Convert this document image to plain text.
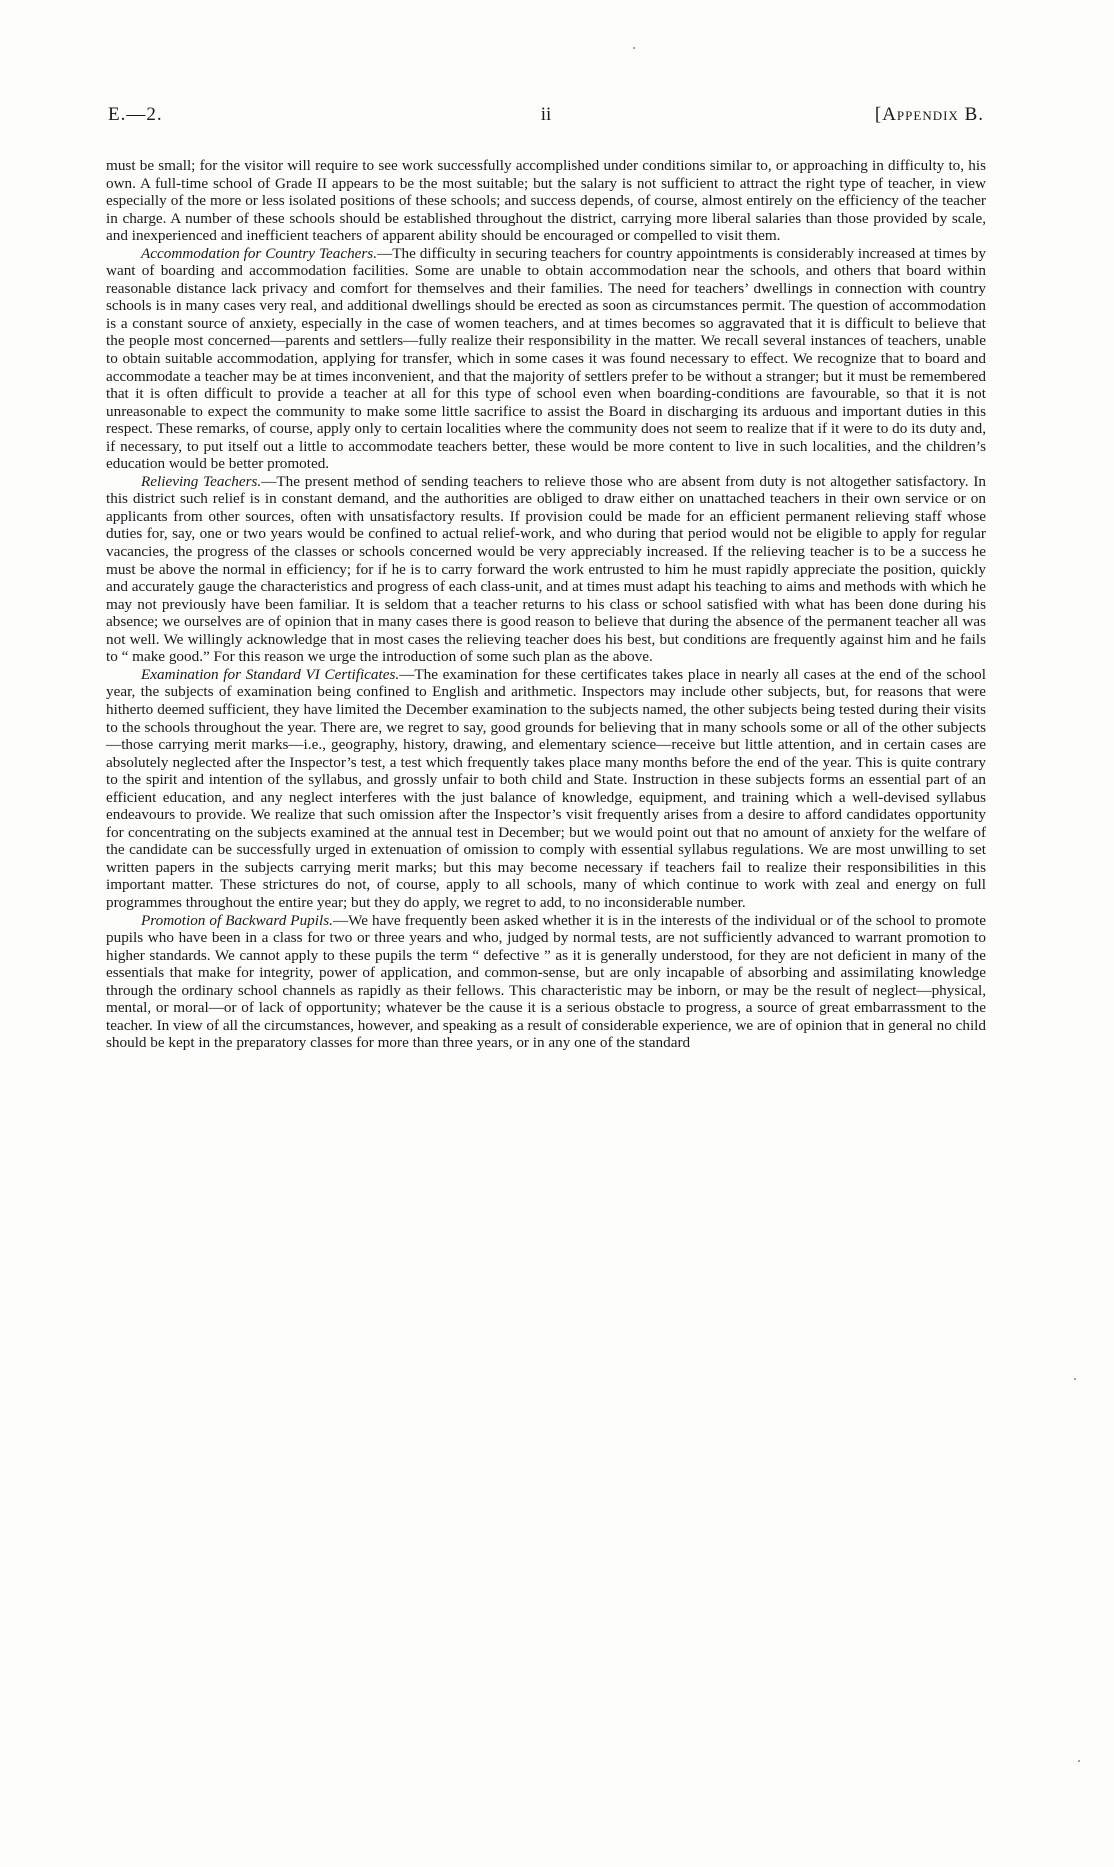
E.—2.	ii	[Appendix B.

must be small; for the visitor will require to see work successfully accomplished under conditions similar to, or approaching in difficulty to, his own. A full-time school of Grade II appears to be the most suitable; but the salary is not sufficient to attract the right type of teacher, in view especially of the more or less isolated positions of these schools; and success depends, of course, almost entirely on the efficiency of the teacher in charge. A number of these schools should be established throughout the district, carrying more liberal salaries than those provided by scale, and inexperienced and inefficient teachers of apparent ability should be encouraged or compelled to visit them.

Accommodation for Country Teachers.—The difficulty in securing teachers for country appointments is considerably increased at times by want of boarding and accommodation facilities. Some are unable to obtain accommodation near the schools, and others that board within reasonable distance lack privacy and comfort for themselves and their families. The need for teachers’ dwellings in connection with country schools is in many cases very real, and additional dwellings should be erected as soon as circumstances permit. The question of accommodation is a constant source of anxiety, especially in the case of women teachers, and at times becomes so aggravated that it is difficult to believe that the people most concerned—parents and settlers—fully realize their responsibility in the matter. We recall several instances of teachers, unable to obtain suitable accommodation, applying for transfer, which in some cases it was found necessary to effect. We recognize that to board and accommodate a teacher may be at times inconvenient, and that the majority of settlers prefer to be without a stranger; but it must be remembered that it is often difficult to provide a teacher at all for this type of school even when boarding-conditions are favourable, so that it is not unreasonable to expect the community to make some little sacrifice to assist the Board in discharging its arduous and important duties in this respect. These remarks, of course, apply only to certain localities where the community does not seem to realize that if it were to do its duty and, if necessary, to put itself out a little to accommodate teachers better, these would be more content to live in such localities, and the children’s education would be better promoted.

Relieving Teachers.—The present method of sending teachers to relieve those who are absent from duty is not altogether satisfactory. In this district such relief is in constant demand, and the authorities are obliged to draw either on unattached teachers in their own service or on applicants from other sources, often with unsatisfactory results. If provision could be made for an efficient permanent relieving staff whose duties for, say, one or two years would be confined to actual relief-work, and who during that period would not be eligible to apply for regular vacancies, the progress of the classes or schools concerned would be very appreciably increased. If the relieving teacher is to be a success he must be above the normal in efficiency; for if he is to carry forward the work entrusted to him he must rapidly appreciate the position, quickly and accurately gauge the characteristics and progress of each class-unit, and at times must adapt his teaching to aims and methods with which he may not previously have been familiar. It is seldom that a teacher returns to his class or school satisfied with what has been done during his absence; we ourselves are of opinion that in many cases there is good reason to believe that during the absence of the permanent teacher all was not well. We willingly acknowledge that in most cases the relieving teacher does his best, but conditions are frequently against him and he fails to “ make good.” For this reason we urge the introduction of some such plan as the above.

Examination for Standard VI Certificates.—The examination for these certificates takes place in nearly all cases at the end of the school year, the subjects of examination being confined to English and arithmetic. Inspectors may include other subjects, but, for reasons that were hitherto deemed sufficient, they have limited the December examination to the subjects named, the other subjects being tested during their visits to the schools throughout the year. There are, we regret to say, good grounds for believing that in many schools some or all of the other subjects—those carrying merit marks—i.e., geography, history, drawing, and elementary science—receive but little attention, and in certain cases are absolutely neglected after the Inspector’s test, a test which frequently takes place many months before the end of the year. This is quite contrary to the spirit and intention of the syllabus, and grossly unfair to both child and State. Instruction in these subjects forms an essential part of an efficient education, and any neglect interferes with the just balance of knowledge, equipment, and training which a well-devised syllabus endeavours to provide. We realize that such omission after the Inspector’s visit frequently arises from a desire to afford candidates opportunity for concentrating on the subjects examined at the annual test in December; but we would point out that no amount of anxiety for the welfare of the candidate can be successfully urged in extenuation of omission to comply with essential syllabus regulations. We are most unwilling to set written papers in the subjects carrying merit marks; but this may become necessary if teachers fail to realize their responsibilities in this important matter. These strictures do not, of course, apply to all schools, many of which continue to work with zeal and energy on full programmes throughout the entire year; but they do apply, we regret to add, to no inconsiderable number.

Promotion of Backward Pupils.—We have frequently been asked whether it is in the interests of the individual or of the school to promote pupils who have been in a class for two or three years and who, judged by normal tests, are not sufficiently advanced to warrant promotion to higher standards. We cannot apply to these pupils the term “ defective ” as it is generally understood, for they are not deficient in many of the essentials that make for integrity, power of application, and common-sense, but are only incapable of absorbing and assimilating knowledge through the ordinary school channels as rapidly as their fellows. This characteristic may be inborn, or may be the result of neglect—physical, mental, or moral—or of lack of opportunity; whatever be the cause it is a serious obstacle to progress, a source of great embarrassment to the teacher. In view of all the circumstances, however, and speaking as a result of considerable experience, we are of opinion that in general no child should be kept in the preparatory classes for more than three years, or in any one of the standard
